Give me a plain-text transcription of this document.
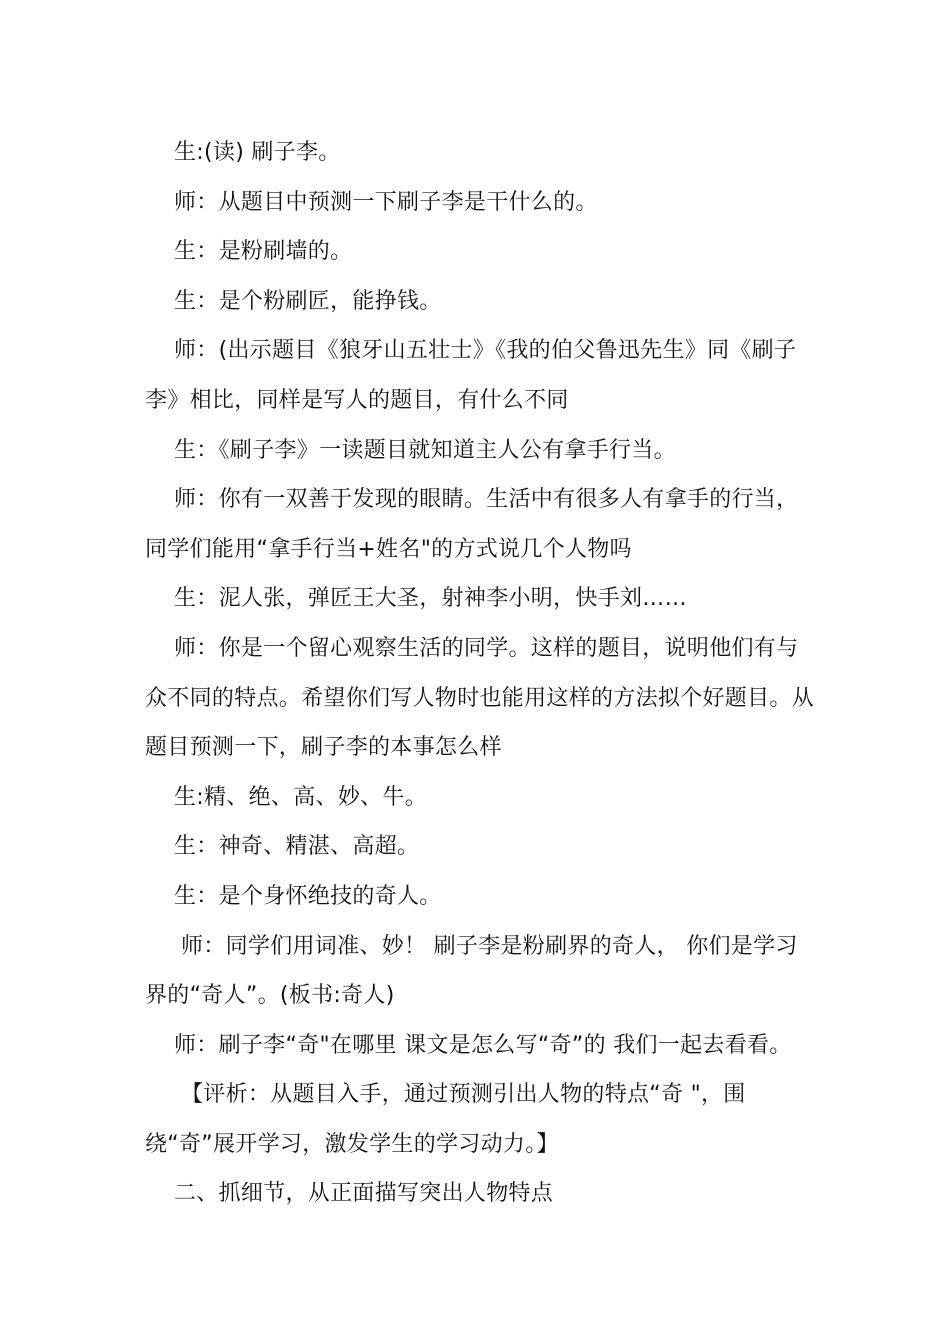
生:(读) 刷子李。

师：从题目中预测一下刷子李是干什么的。

生：是粉刷墙的。

生：是个粉刷匠，能挣钱。

师：(出示题目《狼牙山五壮士》《我的伯父鲁迅先生》同《刷子李》相比，同样是写人的题目，有什么不同

生：《刷子李》一读题目就知道主人公有拿手行当。

师：你有一双善于发现的眼睛。生活中有很多人有拿手的行当，同学们能用“拿手行当+姓名"的方式说几个人物吗

生：泥人张，弹匠王大圣，射神李小明，快手刘……

师：你是一个留心观察生活的同学。这样的题目，说明他们有与众不同的特点。希望你们写人物时也能用这样的方法拟个好题目。从题目预测一下，刷子李的本事怎么样

生:精、绝、高、妙、牛。

生：神奇、精湛、高超。

生：是个身怀绝技的奇人。

师：同学们用词准、妙！ 刷子李是粉刷界的奇人， 你们是学习界的“奇人”。(板书:奇人)

师：刷子李“奇"在哪里 课文是怎么写“奇”的 我们一起去看看。

【评析：从题目入手，通过预测引出人物的特点“奇 "，围绕“奇”展开学习，激发学生的学习动力。】

二、抓细节，从正面描写突出人物特点
